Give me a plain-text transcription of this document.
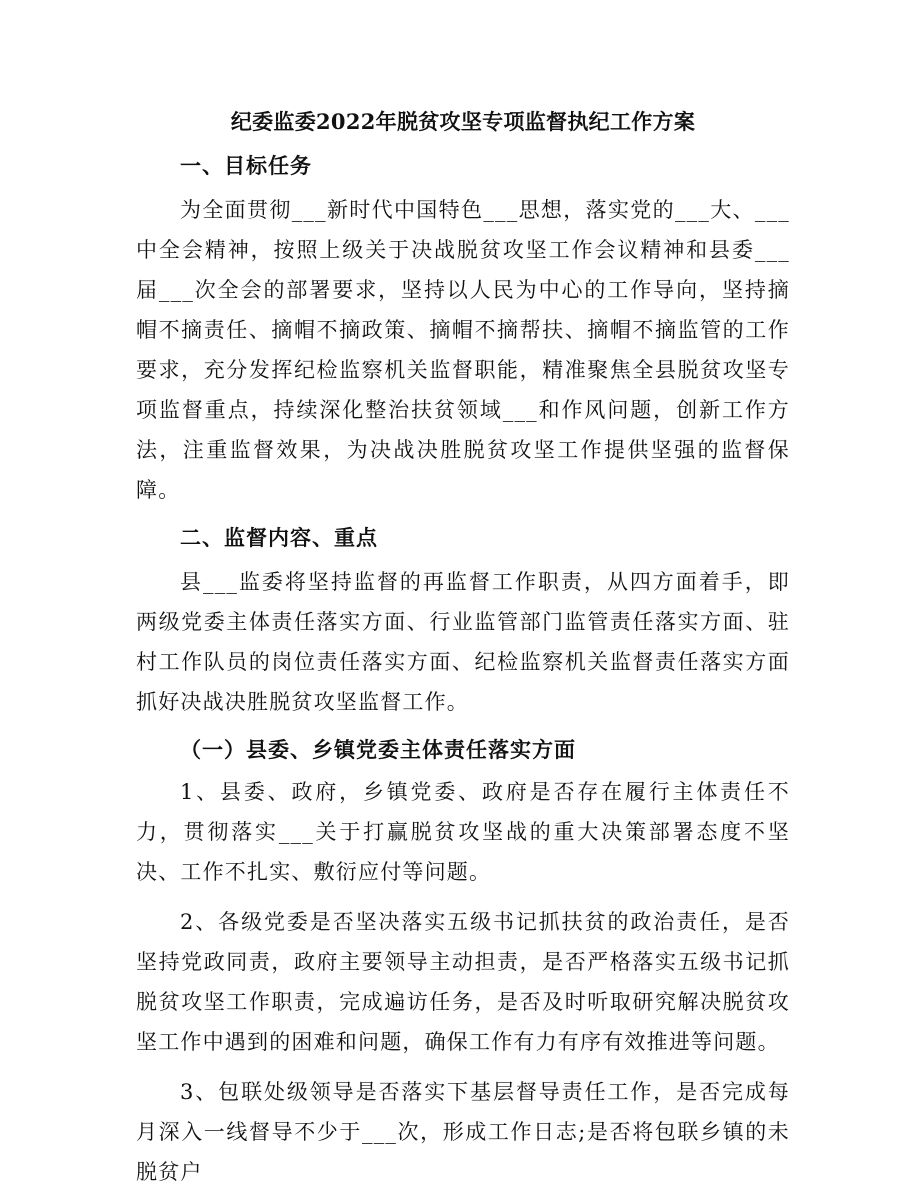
纪委监委2022年脱贫攻坚专项监督执纪工作方案
一、目标任务

为全面贯彻___新时代中国特色___思想，落实党的___大、___中全会精神，按照上级关于决战脱贫攻坚工作会议精神和县委___届___次全会的部署要求，坚持以人民为中心的工作导向，坚持摘帽不摘责任、摘帽不摘政策、摘帽不摘帮扶、摘帽不摘监管的工作要求，充分发挥纪检监察机关监督职能，精准聚焦全县脱贫攻坚专项监督重点，持续深化整治扶贫领域___和作风问题，创新工作方法，注重监督效果，为决战决胜脱贫攻坚工作提供坚强的监督保障。

二、监督内容、重点

县___监委将坚持监督的再监督工作职责，从四方面着手，即两级党委主体责任落实方面、行业监管部门监管责任落实方面、驻村工作队员的岗位责任落实方面、纪检监察机关监督责任落实方面抓好决战决胜脱贫攻坚监督工作。

（一）县委、乡镇党委主体责任落实方面

1、县委、政府，乡镇党委、政府是否存在履行主体责任不力，贯彻落实___关于打赢脱贫攻坚战的重大决策部署态度不坚决、工作不扎实、敷衍应付等问题。

2、各级党委是否坚决落实五级书记抓扶贫的政治责任，是否坚持党政同责，政府主要领导主动担责，是否严格落实五级书记抓脱贫攻坚工作职责，完成遍访任务，是否及时听取研究解决脱贫攻坚工作中遇到的困难和问题，确保工作有力有序有效推进等问题。

3、包联处级领导是否落实下基层督导责任工作，是否完成每月深入一线督导不少于___次，形成工作日志;是否将包联乡镇的未脱贫户
